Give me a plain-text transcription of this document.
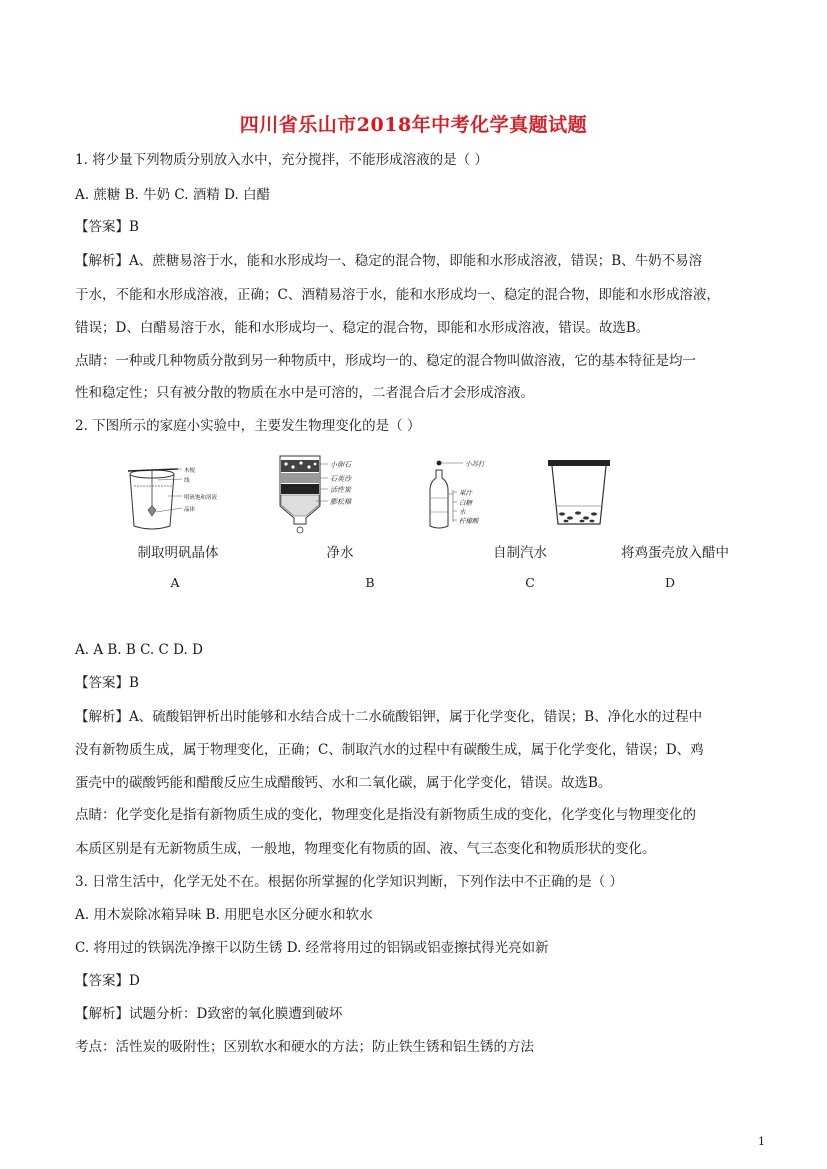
四川省乐山市2018年中考化学真题试题
1. 将少量下列物质分别放入水中，充分搅拌，不能形成溶液的是（ ）
A. 蔗糖 B. 牛奶 C. 酒精 D. 白醋
【答案】B
【解析】A、蔗糖易溶于水，能和水形成均一、稳定的混合物，即能和水形成溶液，错误；B、牛奶不易溶
于水，不能和水形成溶液，正确；C、酒精易溶于水，能和水形成均一、稳定的混合物，即能和水形成溶液，
错误；D、白醋易溶于水，能和水形成均一、稳定的混合物，即能和水形成溶液，错误。故选B。
点睛：一种或几种物质分散到另一种物质中，形成均一的、稳定的混合物叫做溶液，它的基本特征是均一
性和稳定性；只有被分散的物质在水中是可溶的，二者混合后才会形成溶液。
2. 下图所示的家庭小实验中，主要发生物理变化的是（ ）
木棍
线
明矾饱和溶液
晶体
小卵石
石英沙
活性炭
膨松棉
小苏打
果汁
白糖
水
柠檬酸
制取明矾晶体	净水	自制汽水	将鸡蛋壳放入醋中
A	B	C	D
A. A B. B C. C D. D
【答案】B
【解析】A、硫酸铝钾析出时能够和水结合成十二水硫酸铝钾，属于化学变化，错误；B、净化水的过程中
没有新物质生成，属于物理变化，正确；C、制取汽水的过程中有碳酸生成，属于化学变化，错误；D、鸡
蛋壳中的碳酸钙能和醋酸反应生成醋酸钙、水和二氧化碳，属于化学变化，错误。故选B。
点睛：化学变化是指有新物质生成的变化，物理变化是指没有新物质生成的变化，化学变化与物理变化的
本质区别是有无新物质生成，一般地，物理变化有物质的固、液、气三态变化和物质形状的变化。
3. 日常生活中，化学无处不在。根据你所掌握的化学知识判断，下列作法中不正确的是（ ）
A. 用木炭除冰箱异味 B. 用肥皂水区分硬水和软水
C. 将用过的铁锅洗净擦干以防生锈 D. 经常将用过的铝锅或铝壶擦拭得光亮如新
【答案】D
【解析】试题分析：D致密的氧化膜遭到破坏
考点：活性炭的吸附性；区别软水和硬水的方法；防止铁生锈和铝生锈的方法
1
